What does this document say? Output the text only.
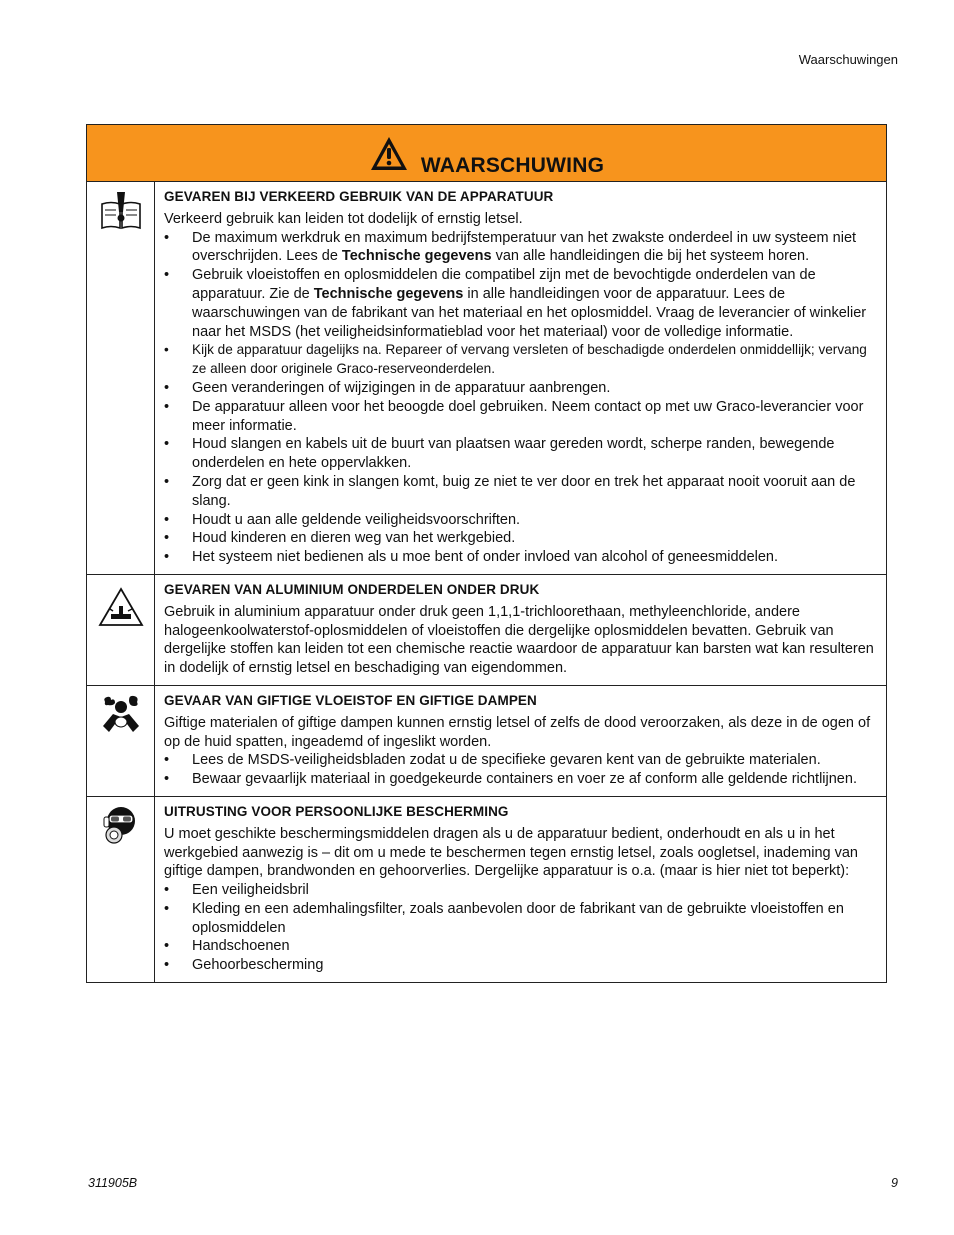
Waarschuwingen
WAARSCHUWING
GEVAREN BIJ VERKEERD GEBRUIK VAN DE APPARATUUR

Verkeerd gebruik kan leiden tot dodelijk of ernstig letsel.

• De maximum werkdruk en maximum bedrijfstemperatuur van het zwakste onderdeel in uw systeem niet overschrijden. Lees de Technische gegevens van alle handleidingen die bij het systeem horen.
• Gebruik vloeistoffen en oplosmiddelen die compatibel zijn met de bevochtigde onderdelen van de apparatuur. Zie de Technische gegevens in alle handleidingen voor de apparatuur. Lees de waarschuwingen van de fabrikant van het materiaal en het oplosmiddel. Vraag de leverancier of winkelier naar het MSDS (het veiligheidsinformatieblad voor het materiaal) voor de volledige informatie.
• Kijk de apparatuur dagelijks na. Repareer of vervang versleten of beschadigde onderdelen onmiddellijk; vervang ze alleen door originele Graco-reserveonderdelen.
• Geen veranderingen of wijzigingen in de apparatuur aanbrengen.
• De apparatuur alleen voor het beoogde doel gebruiken. Neem contact op met uw Graco-leverancier voor meer informatie.
• Houd slangen en kabels uit de buurt van plaatsen waar gereden wordt, scherpe randen, bewegende onderdelen en hete oppervlakken.
• Zorg dat er geen kink in slangen komt, buig ze niet te ver door en trek het apparaat nooit vooruit aan de slang.
• Houdt u aan alle geldende veiligheidsvoorschriften.
• Houd kinderen en dieren weg van het werkgebied.
• Het systeem niet bedienen als u moe bent of onder invloed van alcohol of geneesmiddelen.
GEVAREN VAN ALUMINIUM ONDERDELEN ONDER DRUK

Gebruik in aluminium apparatuur onder druk geen 1,1,1-trichloorethaan, methyleenchloride, andere halogeenkoolwaterstof-oplosmiddelen of vloeistoffen die dergelijke oplosmiddelen bevatten. Gebruik van dergelijke stoffen kan leiden tot een chemische reactie waardoor de apparatuur kan barsten wat kan resulteren in dodelijk of ernstig letsel en beschadiging van eigendommen.

GEVAAR VAN GIFTIGE VLOEISTOF EN GIFTIGE DAMPEN

Giftige materialen of giftige dampen kunnen ernstig letsel of zelfs de dood veroorzaken, als deze in de ogen of op de huid spatten, ingeademd of ingeslikt worden.

• Lees de MSDS-veiligheidsbladen zodat u de specifieke gevaren kent van de gebruikte materialen.
• Bewaar gevaarlijk materiaal in goedgekeurde containers en voer ze af conform alle geldende richtlijnen.
UITRUSTING VOOR PERSOONLIJKE BESCHERMING

U moet geschikte beschermingsmiddelen dragen als u de apparatuur bedient, onderhoudt en als u in het werkgebied aanwezig is – dit om u mede te beschermen tegen ernstig letsel, zoals oogletsel, inademing van giftige dampen, brandwonden en gehoorverlies. Dergelijke apparatuur is o.a. (maar is hier niet tot beperkt):

• Een veiligheidsbril
• Kleding en een ademhalingsfilter, zoals aanbevolen door de fabrikant van de gebruikte vloeistoffen en oplosmiddelen
• Handschoenen
• Gehoorbescherming
311905B	9
